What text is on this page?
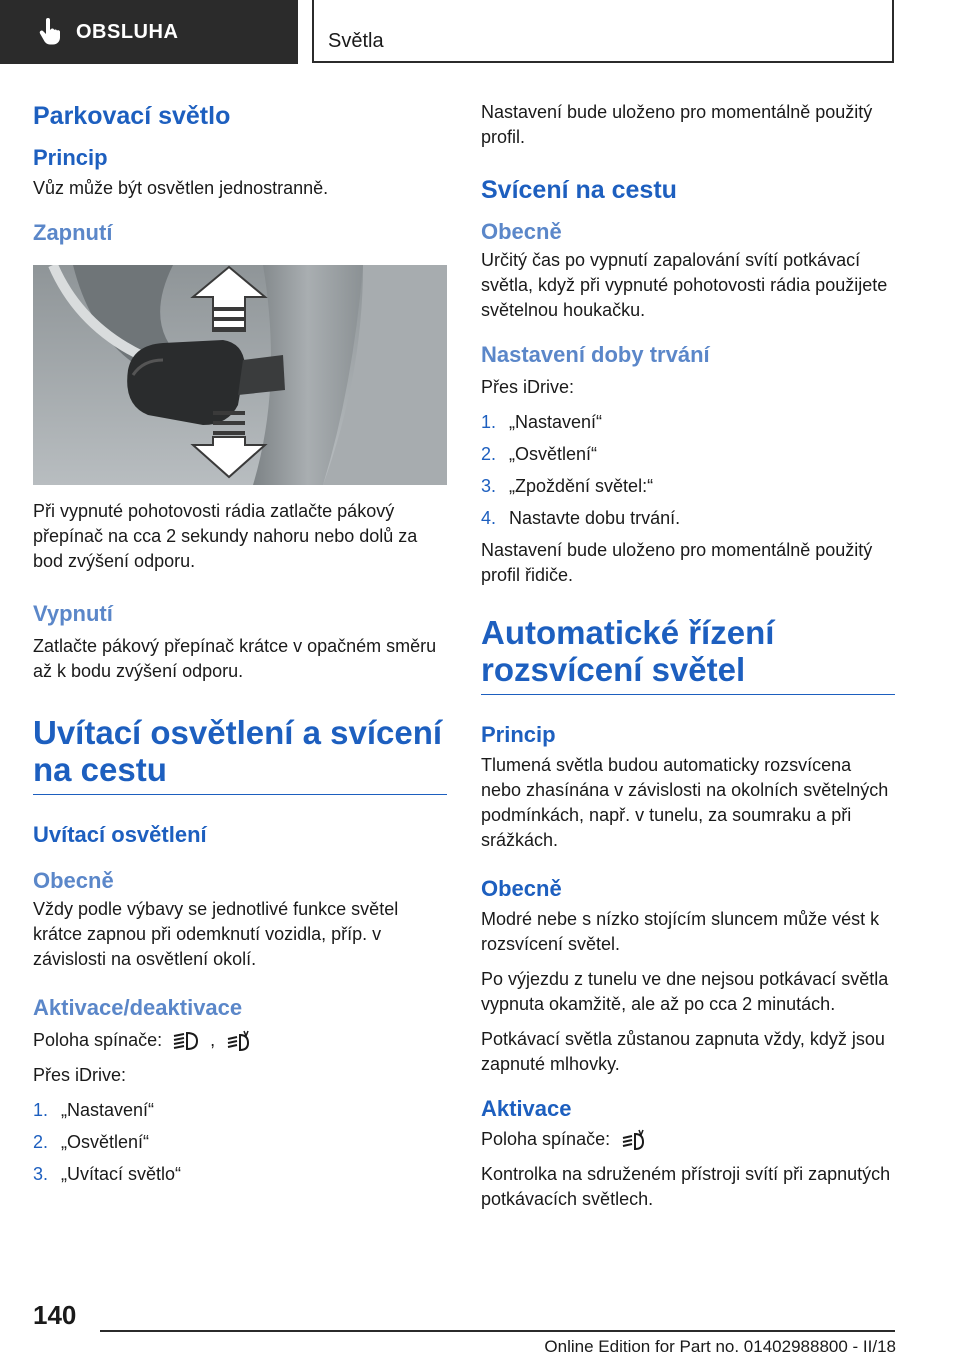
OBSLUHA	Světla
Parkovací světlo
Princip

Vůz může být osvětlen jednostranně.

Zapnutí

Při vypnuté pohotovosti rádia zatlačte pákový přepínač na cca 2 sekundy nahoru nebo dolů za bod zvýšení odporu.

Vypnutí

Zatlačte pákový přepínač krátce v opačném směru až k bodu zvýšení odporu.

Uvítací osvětlení a svícení na cestu
Uvítací osvětlení
Obecně

Vždy podle výbavy se jednotlivé funkce světel krátce zapnou při odemknutí vozidla, příp. v závislosti na osvětlení okolí.

Aktivace/deaktivace

Poloha spínače:	,

Přes iDrive:

1. „Nastavení“
2. „Osvětlení“
3. „Uvítací světlo“

Nastavení bude uloženo pro momentálně použitý profil.

Svícení na cestu
Obecně

Určitý čas po vypnutí zapalování svítí potkávací světla, když při vypnuté pohotovosti rádia použijete světelnou houkačku.

Nastavení doby trvání

Přes iDrive:

1. „Nastavení“
2. „Osvětlení“
3. „Zpoždění světel:“
4. Nastavte dobu trvání.

Nastavení bude uloženo pro momentálně použitý profil řidiče.

Automatické řízení rozsvícení světel
Princip

Tlumená světla budou automaticky rozsvícena nebo zhasínána v závislosti na okolních světelných podmínkách, např. v tunelu, za soumraku a při srážkách.

Obecně

Modré nebe s nízko stojícím sluncem může vést k rozsvícení světel.

Po výjezdu z tunelu ve dne nejsou potkávací světla vypnuta okamžitě, ale až po cca 2 minutách.

Potkávací světla zůstanou zapnuta vždy, když jsou zapnuté mlhovky.

Aktivace

Poloha spínače:

Kontrolka na sdruženém přístroji svítí při zapnutých potkávacích světlech.

140
Online Edition for Part no. 01402988800 - II/18
